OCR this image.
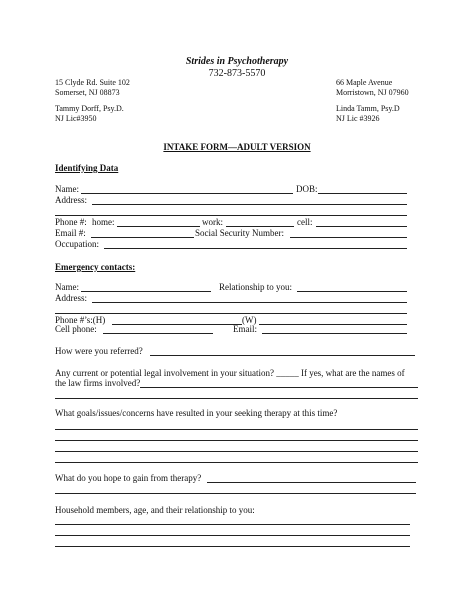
Strides in Psychotherapy
732-873-5570
15 Clyde Rd. Suite 102
Somerset, NJ 08873
66 Maple Avenue
Morristown, NJ 07960
Tammy Dorff, Psy.D.
NJ Lic#3950
Linda Tamm, Psy.D
NJ Lic #3926
INTAKE FORM—ADULT VERSION
Identifying Data
Name:	DOB:
Address:
Phone #: home:	work:	cell:
Email #:	Social Security Number:
Occupation:
Emergency contacts:
Name:	Relationship to you:
Address:
Phone #’s:(H)	(W)
Cell phone:	Email:
How were you referred?
Any current or potential legal involvement in your situation? _____ If yes, what are the names of
the law firms involved?
What goals/issues/concerns have resulted in your seeking therapy at this time?
What do you hope to gain from therapy?
Household members, age, and their relationship to you:
